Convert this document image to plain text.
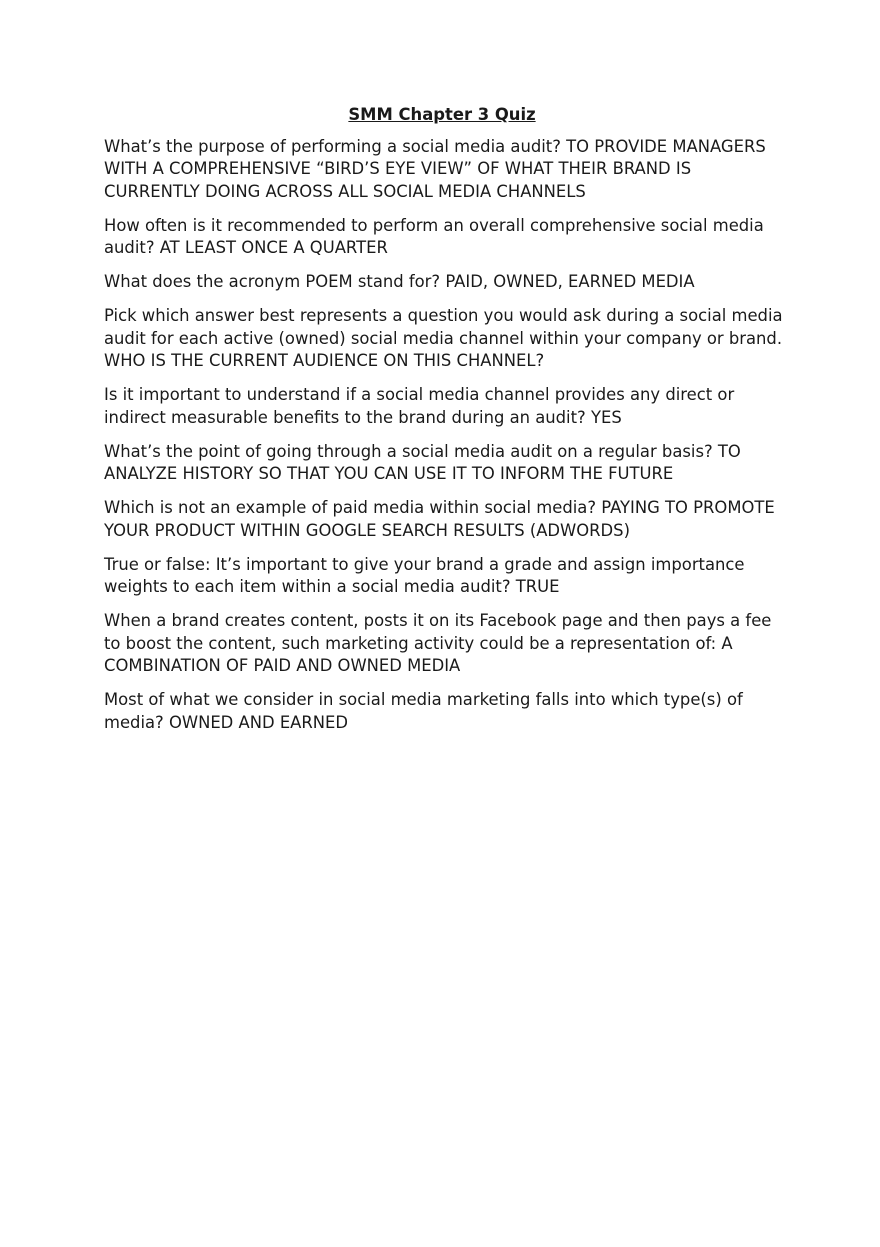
SMM Chapter 3 Quiz

What’s the purpose of performing a social media audit? TO PROVIDE MANAGERS WITH A COMPREHENSIVE “BIRD’S EYE VIEW” OF WHAT THEIR BRAND IS CURRENTLY DOING ACROSS ALL SOCIAL MEDIA CHANNELS

How often is it recommended to perform an overall comprehensive social media audit? AT LEAST ONCE A QUARTER

What does the acronym POEM stand for? PAID, OWNED, EARNED MEDIA

Pick which answer best represents a question you would ask during a social media audit for each active (owned) social media channel within your company or brand. WHO IS THE CURRENT AUDIENCE ON THIS CHANNEL?

Is it important to understand if a social media channel provides any direct or indirect measurable benefits to the brand during an audit? YES

What’s the point of going through a social media audit on a regular basis? TO ANALYZE HISTORY SO THAT YOU CAN USE IT TO INFORM THE FUTURE

Which is not an example of paid media within social media? PAYING TO PROMOTE YOUR PRODUCT WITHIN GOOGLE SEARCH RESULTS (ADWORDS)

True or false: It’s important to give your brand a grade and assign importance weights to each item within a social media audit? TRUE

When a brand creates content, posts it on its Facebook page and then pays a fee to boost the content, such marketing activity could be a representation of: A COMBINATION OF PAID AND OWNED MEDIA

Most of what we consider in social media marketing falls into which type(s) of media? OWNED AND EARNED
